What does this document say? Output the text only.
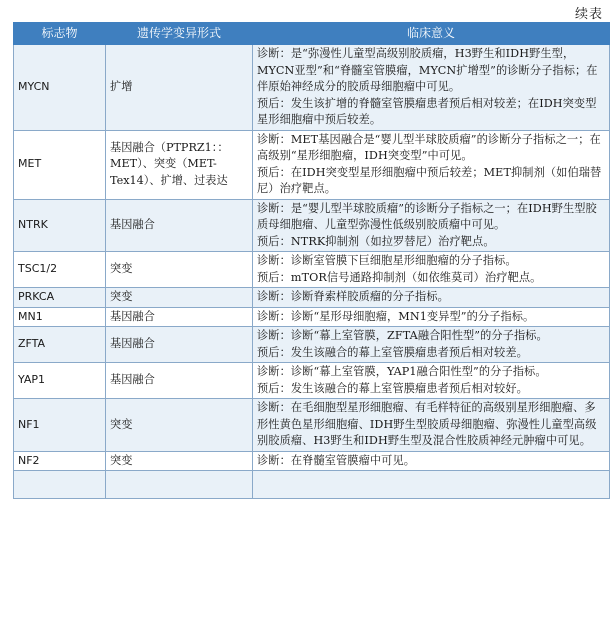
续表
标志物	遗传学变异形式	临床意义
MYCN	扩增	诊断：是“弥漫性儿童型高级别胶质瘤，H3野生和IDH野生型，MYCN亚型”和“脊髓室管膜瘤，MYCN扩增型”的诊断分子指标；在伴原始神经成分的胶质母细胞瘤中可见。
预后：发生该扩增的脊髓室管膜瘤患者预后相对较差；在IDH突变型星形细胞瘤中预后较差。

MET	基因融合（PTPRZ1：：MET）、突变（MET-Tex14）、扩增、过表达	诊断：MET基因融合是“婴儿型半球胶质瘤”的诊断分子指标之一；在高级别“星形细胞瘤，IDH突变型”中可见。
预后：在IDH突变型星形细胞瘤中预后较差；MET抑制剂（如伯瑞替尼）治疗靶点。

NTRK	基因融合	诊断：是“婴儿型半球胶质瘤”的诊断分子指标之一；在IDH野生型胶质母细胞瘤、儿童型弥漫性低级别胶质瘤中可见。
预后：NTRK抑制剂（如拉罗替尼）治疗靶点。

TSC1/2	突变	诊断：诊断室管膜下巨细胞星形细胞瘤的分子指标。
预后：mTOR信号通路抑制剂（如依维莫司）治疗靶点。

PRKCA	突变	诊断：诊断脊索样胶质瘤的分子指标。

MN1	基因融合	诊断：诊断“星形母细胞瘤，MN1变异型”的分子指标。

ZFTA	基因融合	诊断：诊断“幕上室管膜，ZFTA融合阳性型”的分子指标。
预后：发生该融合的幕上室管膜瘤患者预后相对较差。

YAP1	基因融合	诊断：诊断“幕上室管膜，YAP1融合阳性型”的分子指标。
预后：发生该融合的幕上室管膜瘤患者预后相对较好。

NF1	突变	诊断：在毛细胞型星形细胞瘤、有毛样特征的高级别星形细胞瘤、多形性黄色星形细胞瘤、IDH野生型胶质母细胞瘤、弥漫性儿童型高级别胶质瘤、H3野生和IDH野生型及混合性胶质神经元肿瘤中可见。

NF2	突变	诊断：在脊髓室管膜瘤中可见。
